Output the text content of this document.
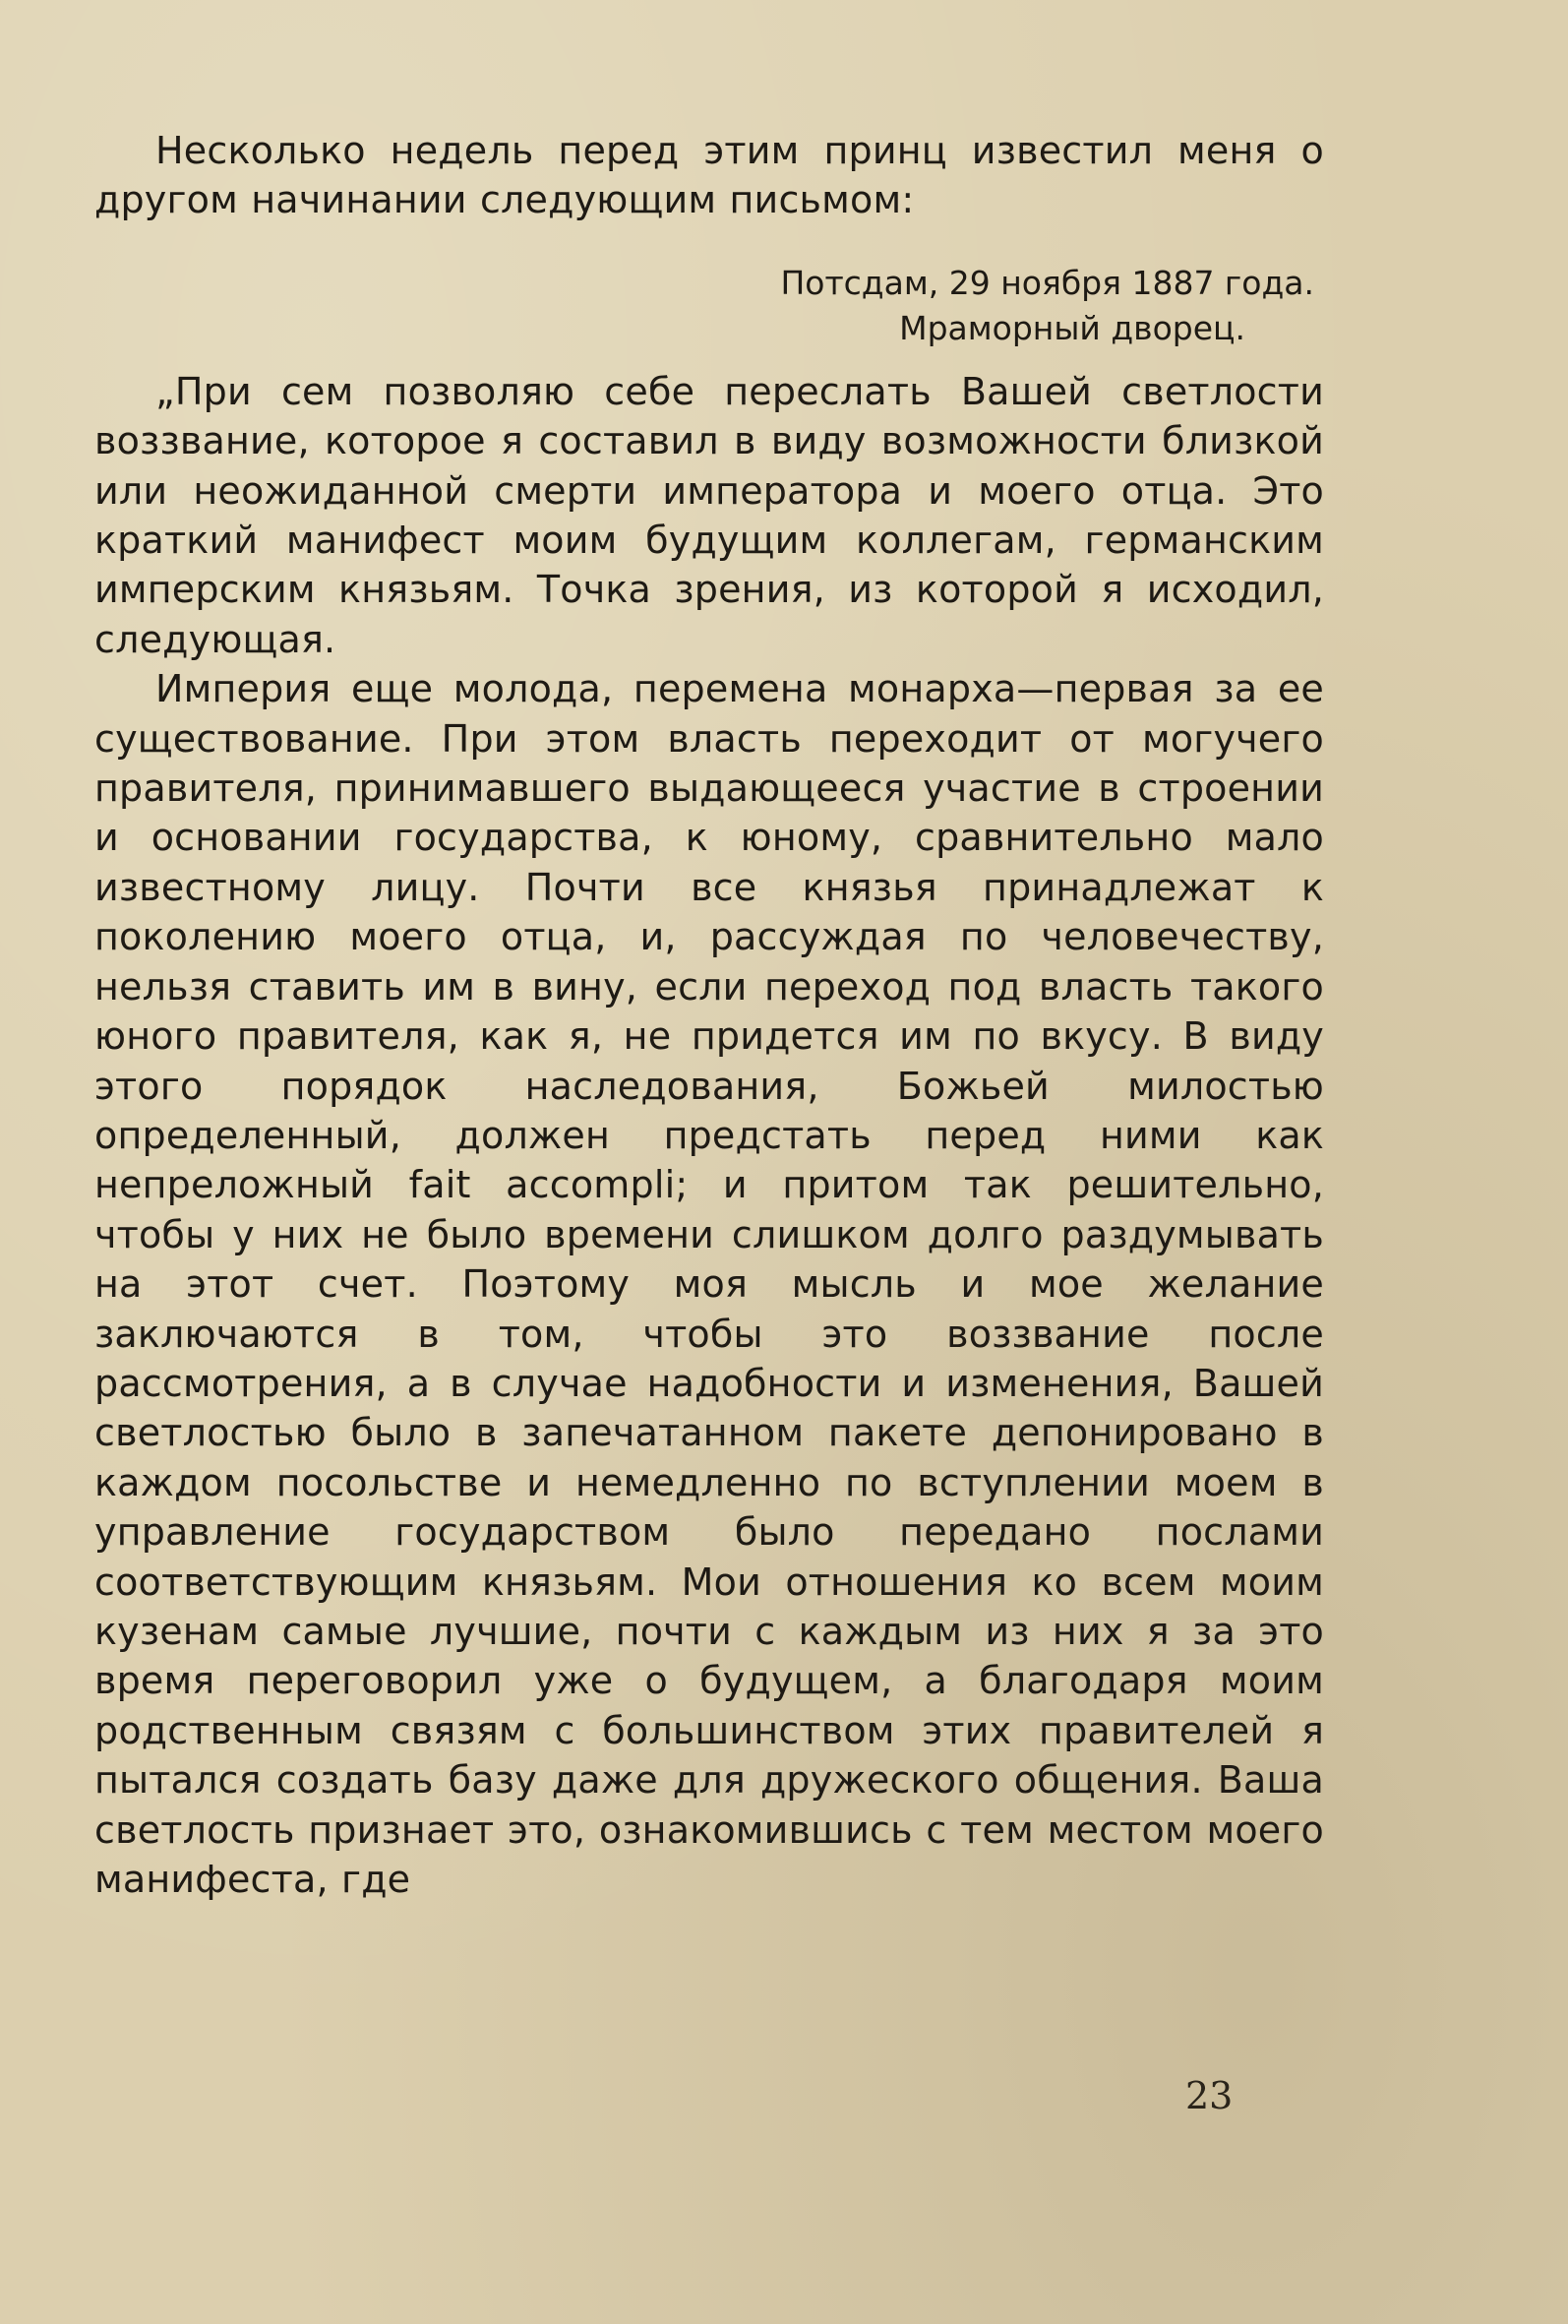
Несколько недель перед этим принц известил меня о другом начинании следующим письмом:

Потсдам, 29 ноября 1887 года.
Мраморный дворец.

„При сем позволяю себе переслать Вашей светлости воззвание, которое я составил в виду возможности близкой или неожиданной смерти императора и моего отца. Это краткий манифест моим будущим коллегам, германским имперским князьям. Точка зрения, из которой я исходил, следующая.

Империя еще молода, перемена монарха—первая за ее существование. При этом власть переходит от могучего правителя, принимавшего выдающееся участие в строении и основании государства, к юному, сравнительно мало известному лицу. Почти все князья принадлежат к поколению моего отца, и, рассуждая по человечеству, нельзя ставить им в вину, если переход под власть такого юного правителя, как я, не придется им по вкусу. В виду этого порядок наследования, Божьей милостью определенный, должен предстать перед ними как непреложный fait accompli; и притом так решительно, чтобы у них не было времени слишком долго раздумывать на этот счет. Поэтому моя мысль и мое желание заключаются в том, чтобы это воззвание после рассмотрения, а в случае надобности и изменения, Вашей светлостью было в запечатанном пакете депонировано в каждом посольстве и немедленно по вступлении моем в управление государством было передано послами соответствующим князьям. Мои отношения ко всем моим кузенам самые лучшие, почти с каждым из них я за это время переговорил уже о будущем, а благодаря моим родственным связям с большинством этих правителей я пытался создать базу даже для дружеского общения. Ваша светлость признает это, ознакомившись с тем местом моего манифеста, где

23
